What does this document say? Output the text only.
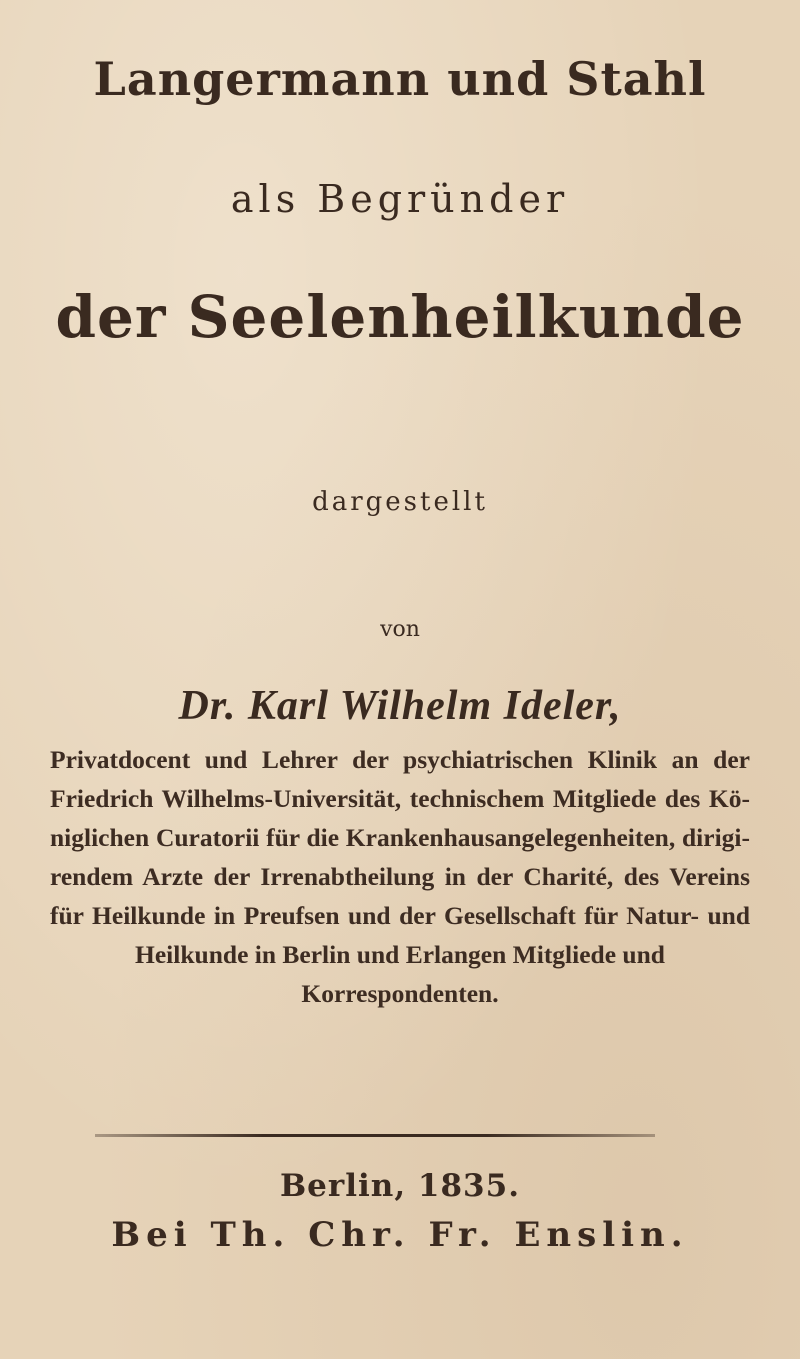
Langermann und Stahl
als Begründer
der Seelenheilkunde
dargestellt
von
Dr. Karl Wilhelm Ideler,
Privatdocent und Lehrer der psychiatrischen Klinik an der
Friedrich Wilhelms-Universität, technischem Mitgliede des Kö-
niglichen Curatorii für die Krankenhausangelegenheiten, dirigi-
rendem Arzte der Irrenabtheilung in der Charité, des Vereins
für Heilkunde in Preufsen und der Gesellschaft für Natur- und
Heilkunde in Berlin und Erlangen Mitgliede und
Korrespondenten.
Berlin, 1835.
Bei Th. Chr. Fr. Enslin.
